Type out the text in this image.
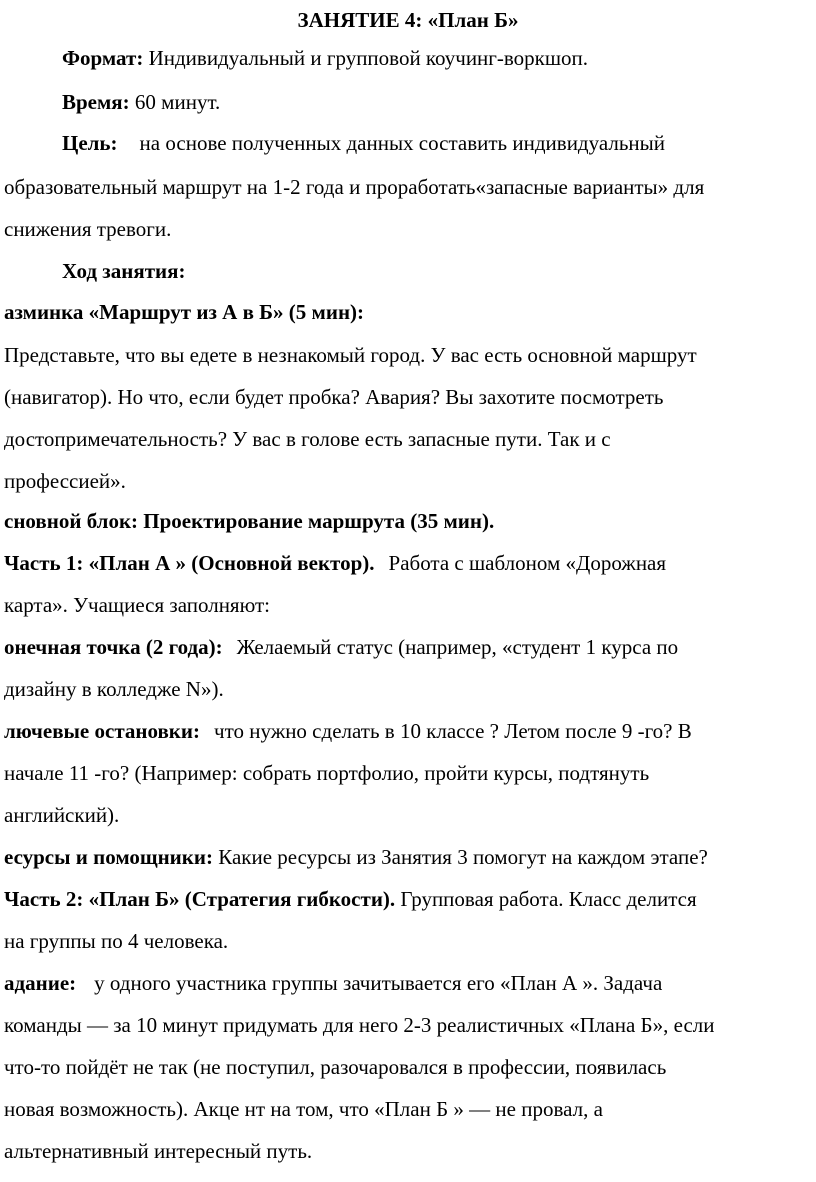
ЗАНЯТИЕ 4: «План Б»
Формат: Индивидуальный и групповой коучинг-воркшоп.
Время: 60 минут.
Цель: на основе полученных данных составить индивидуальный
образовательный маршрут на 1-2 года и проработать«запасные варианты» для
снижения тревоги.
Ход занятия:
азминка «Маршрут из А в Б» (5 мин):
Представьте, что вы едете в незнакомый город. У вас есть основной маршрут
(навигатор). Но что, если будет пробка? Авария? Вы захотите посмотреть
достопримечательность? У вас в голове есть запасные пути. Так и с
профессией».
сновной блок: Проектирование маршрута (35 мин).
Часть 1: «План А » (Основной вектор). Работа с шаблоном «Дорожная
карта». Учащиеся заполняют:
онечная точка (2 года): Желаемый статус (например, «студент 1 курса по
дизайну в колледже N»).
лючевые остановки: что нужно сделать в 10 классе ? Летом после 9 -го? В
начале 11 -го? (Например: собрать портфолио, пройти курсы, подтянуть
английский).
есурсы и помощники: Какие ресурсы из Занятия 3 помогут на каждом этапе?
Часть 2: «План Б» (Стратегия гибкости). Групповая работа. Класс делится
на группы по 4 человека.
адание: у одного участника группы зачитывается его «План А ». Задача
команды — за 10 минут придумать для него 2-3 реалистичных «Плана Б», если
что-то пойдёт не так (не поступил, разочаровался в профессии, появилась
новая возможность). Акце нт на том, что «План Б » — не провал, а
альтернативный интересный путь.
